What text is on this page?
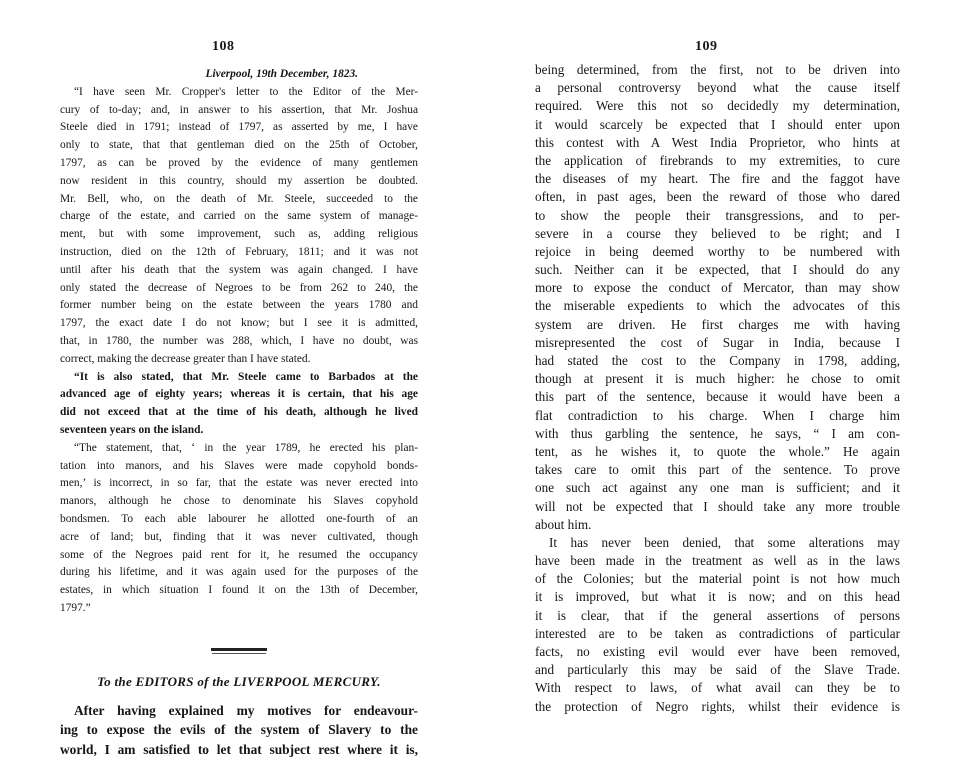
108
Liverpool, 19th December, 1823.
“I have seen Mr. Cropper's letter to the Editor of the Mer-
cury of to-day; and, in answer to his assertion, that Mr. Joshua
Steele died in 1791; instead of 1797, as asserted by me, I have
only to state, that that gentleman died on the 25th of October,
1797, as can be proved by the evidence of many gentlemen
now resident in this country, should my assertion be doubted.
Mr. Bell, who, on the death of Mr. Steele, succeeded to the
charge of the estate, and carried on the same system of manage-
ment, but with some improvement, such as, adding religious
instruction, died on the 12th of February, 1811; and it was not
until after his death that the system was again changed. I have
only stated the decrease of Negroes to be from 262 to 240, the
former number being on the estate between the years 1780 and
1797, the exact date I do not know; but I see it is admitted,
that, in 1780, the number was 288, which, I have no doubt, was
correct, making the decrease greater than I have stated.
“It is also stated, that Mr. Steele came to Barbados at the
advanced age of eighty years; whereas it is certain, that his age
did not exceed that at the time of his death, although he lived
seventeen years on the island.
“The statement, that, ‘ in the year 1789, he erected his plan-
tation into manors, and his Slaves were made copyhold bonds-
men,’ is incorrect, in so far, that the estate was never erected into
manors, although he chose to denominate his Slaves copyhold
bondsmen. To each able labourer he allotted one-fourth of an
acre of land; but, finding that it was never cultivated, though
some of the Negroes paid rent for it, he resumed the occupancy
during his lifetime, and it was again used for the purposes of the
estates, in which situation I found it on the 13th of December,
1797.”
To the EDITORS of the LIVERPOOL MERCURY.
After having explained my motives for endeavour-
ing to expose the evils of the system of Slavery to the
world, I am satisfied to let that subject rest where it is,
109
being determined, from the first, not to be driven into
a personal controversy beyond what the cause itself
required. Were this not so decidedly my determination,
it would scarcely be expected that I should enter upon
this contest with A West India Proprietor, who hints at
the application of firebrands to my extremities, to cure
the diseases of my heart. The fire and the faggot have
often, in past ages, been the reward of those who dared
to show the people their transgressions, and to per-
severe in a course they believed to be right; and I
rejoice in being deemed worthy to be numbered with
such. Neither can it be expected, that I should do any
more to expose the conduct of Mercator, than may show
the miserable expedients to which the advocates of this
system are driven. He first charges me with having
misrepresented the cost of Sugar in India, because I
had stated the cost to the Company in 1798, adding,
though at present it is much higher: he chose to omit
this part of the sentence, because it would have been a
flat contradiction to his charge. When I charge him
with thus garbling the sentence, he says, “ I am con-
tent, as he wishes it, to quote the whole.” He again
takes care to omit this part of the sentence. To prove
one such act against any one man is sufficient; and it
will not be expected that I should take any more trouble
about him.
It has never been denied, that some alterations may
have been made in the treatment as well as in the laws
of the Colonies; but the material point is not how much
it is improved, but what it is now; and on this head
it is clear, that if the general assertions of persons
interested are to be taken as contradictions of particular
facts, no existing evil would ever have been removed,
and particularly this may be said of the Slave Trade.
With respect to laws, of what avail can they be to
the protection of Negro rights, whilst their evidence is
